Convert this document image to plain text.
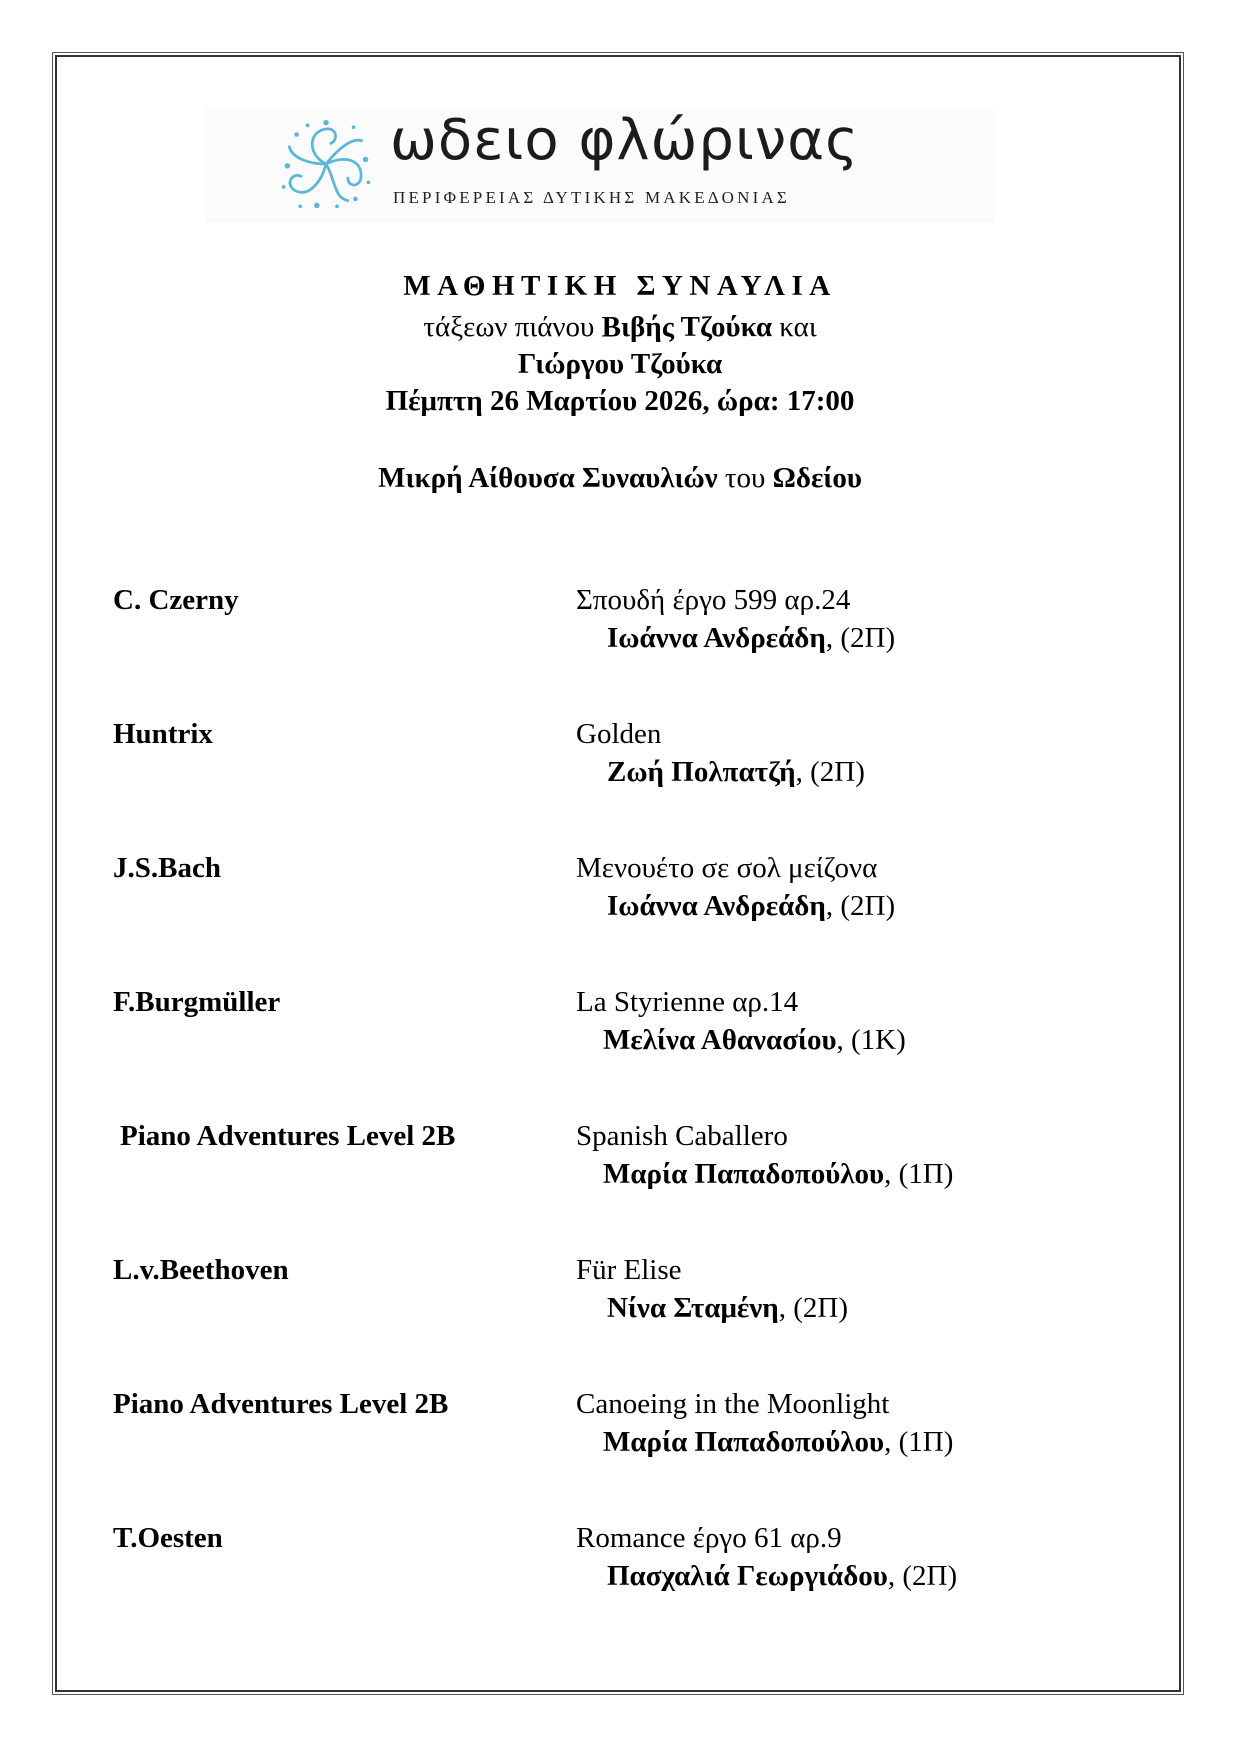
ωδειο φλώρινας
ΠΕΡΙΦΕΡΕΙΑΣ ΔΥΤΙΚΗΣ ΜΑΚΕΔΟΝΙΑΣ
ΜΑΘΗΤΙΚΗ ΣΥΝΑΥΛΙΑ
τάξεων πιάνου Βιβής Τζούκα και
Γιώργου Τζούκα
Πέμπτη 26 Μαρτίου 2026, ώρα: 17:00
Μικρή Αίθουσα Συναυλιών του Ωδείου
C. Czerny	Σπουδή έργο 599 αρ.24
Ιωάννα Ανδρεάδη, (2Π)
Huntrix	Golden
Ζωή Πολπατζή, (2Π)
J.S.Bach	Μενουέτο σε σολ μείζονα
Ιωάννα Ανδρεάδη, (2Π)
F.Burgmüller	La Styrienne αρ.14
Μελίνα Αθανασίου, (1Κ)
Piano Adventures Level 2B	Spanish Caballero
Μαρία Παπαδοπούλου, (1Π)
L.v.Beethoven	Für Elise
Νίνα Σταμένη, (2Π)
Piano Adventures Level 2B	Canoeing in the Moonlight
Μαρία Παπαδοπούλου, (1Π)
T.Oesten	Romance έργο 61 αρ.9
Πασχαλιά Γεωργιάδου, (2Π)
